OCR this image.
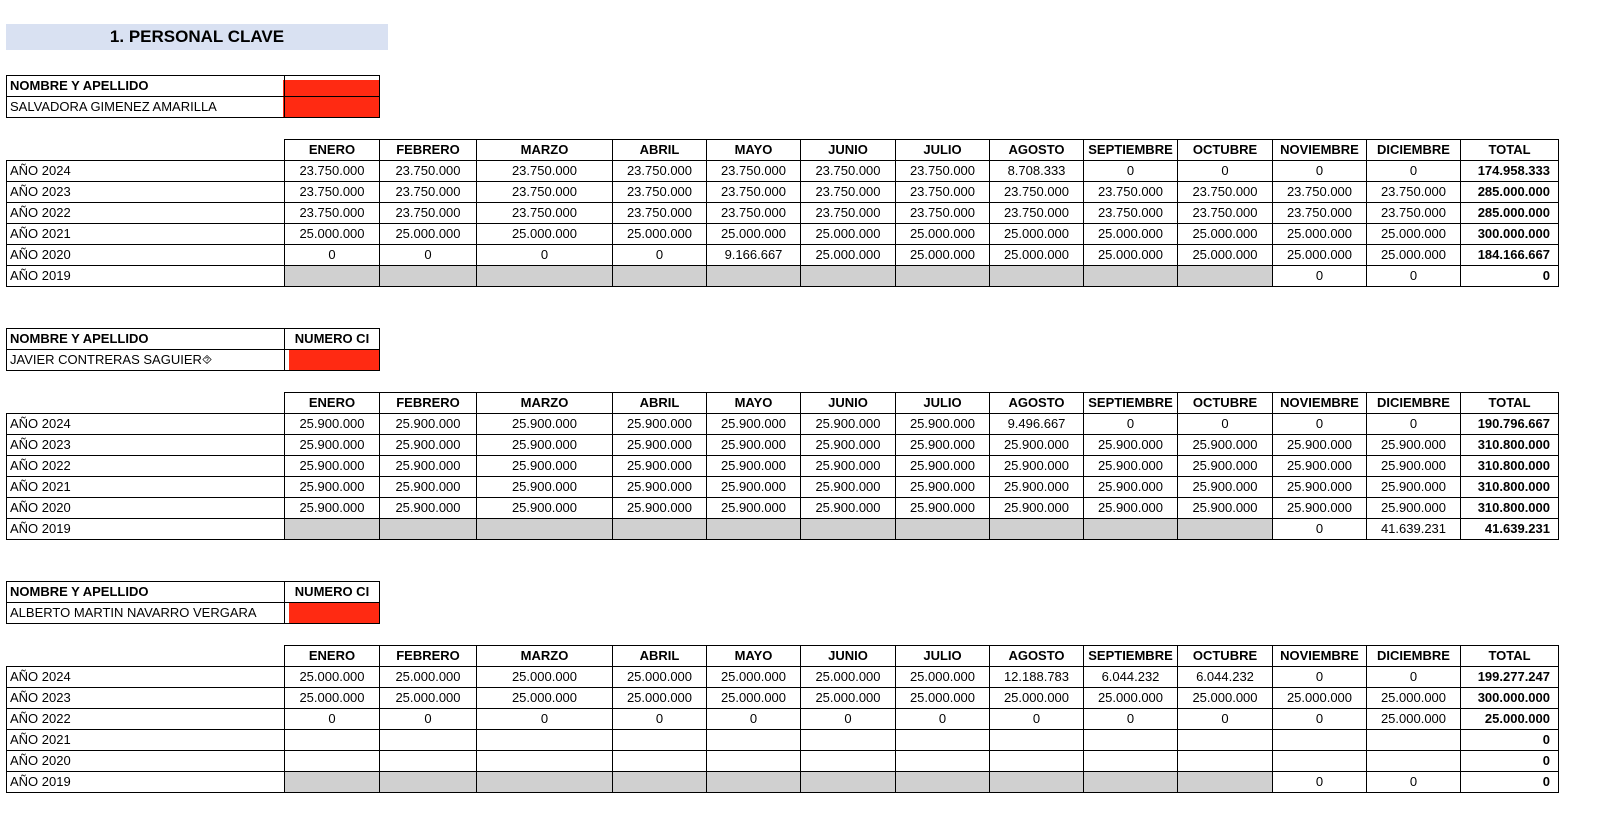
1. PERSONAL CLAVE
NOMBRE Y APELLIDO	
SALVADORA GIMENEZ AMARILLA	
	ENERO	FEBRERO	MARZO	ABRIL	MAYO	JUNIO	JULIO	AGOSTO	SEPTIEMBRE	OCTUBRE	NOVIEMBRE	DICIEMBRE	TOTAL
AÑO 2024	23.750.000	23.750.000	23.750.000	23.750.000	23.750.000	23.750.000	23.750.000	8.708.333	0	0	0	0	174.958.333
AÑO 2023	23.750.000	23.750.000	23.750.000	23.750.000	23.750.000	23.750.000	23.750.000	23.750.000	23.750.000	23.750.000	23.750.000	23.750.000	285.000.000
AÑO 2022	23.750.000	23.750.000	23.750.000	23.750.000	23.750.000	23.750.000	23.750.000	23.750.000	23.750.000	23.750.000	23.750.000	23.750.000	285.000.000
AÑO 2021	25.000.000	25.000.000	25.000.000	25.000.000	25.000.000	25.000.000	25.000.000	25.000.000	25.000.000	25.000.000	25.000.000	25.000.000	300.000.000
AÑO 2020	0	0	0	0	9.166.667	25.000.000	25.000.000	25.000.000	25.000.000	25.000.000	25.000.000	25.000.000	184.166.667
AÑO 2019											0	0	0
NOMBRE Y APELLIDO	NUMERO CI
JAVIER CONTRERAS SAGUIER⯑	
	ENERO	FEBRERO	MARZO	ABRIL	MAYO	JUNIO	JULIO	AGOSTO	SEPTIEMBRE	OCTUBRE	NOVIEMBRE	DICIEMBRE	TOTAL
AÑO 2024	25.900.000	25.900.000	25.900.000	25.900.000	25.900.000	25.900.000	25.900.000	9.496.667	0	0	0	0	190.796.667
AÑO 2023	25.900.000	25.900.000	25.900.000	25.900.000	25.900.000	25.900.000	25.900.000	25.900.000	25.900.000	25.900.000	25.900.000	25.900.000	310.800.000
AÑO 2022	25.900.000	25.900.000	25.900.000	25.900.000	25.900.000	25.900.000	25.900.000	25.900.000	25.900.000	25.900.000	25.900.000	25.900.000	310.800.000
AÑO 2021	25.900.000	25.900.000	25.900.000	25.900.000	25.900.000	25.900.000	25.900.000	25.900.000	25.900.000	25.900.000	25.900.000	25.900.000	310.800.000
AÑO 2020	25.900.000	25.900.000	25.900.000	25.900.000	25.900.000	25.900.000	25.900.000	25.900.000	25.900.000	25.900.000	25.900.000	25.900.000	310.800.000
AÑO 2019											0	41.639.231	41.639.231
NOMBRE Y APELLIDO	NUMERO CI
ALBERTO MARTIN NAVARRO VERGARA	
	ENERO	FEBRERO	MARZO	ABRIL	MAYO	JUNIO	JULIO	AGOSTO	SEPTIEMBRE	OCTUBRE	NOVIEMBRE	DICIEMBRE	TOTAL
AÑO 2024	25.000.000	25.000.000	25.000.000	25.000.000	25.000.000	25.000.000	25.000.000	12.188.783	6.044.232	6.044.232	0	0	199.277.247
AÑO 2023	25.000.000	25.000.000	25.000.000	25.000.000	25.000.000	25.000.000	25.000.000	25.000.000	25.000.000	25.000.000	25.000.000	25.000.000	300.000.000
AÑO 2022	0	0	0	0	0	0	0	0	0	0	0	25.000.000	25.000.000
AÑO 2021													0
AÑO 2020													0
AÑO 2019											0	0	0
